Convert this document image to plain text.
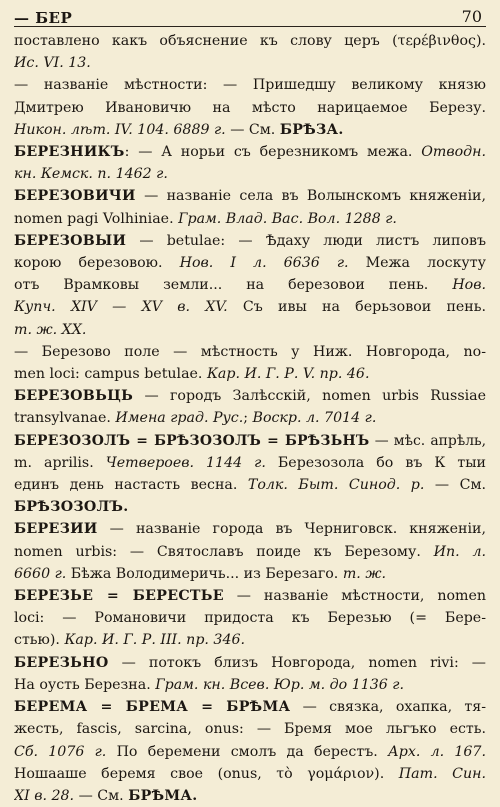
— БЕР	70
поставлено какъ объяснение къ слову церъ (τερέβινθος).
Ис. VI. 13.
— названіе мѣстности: — Пришедшу великому князю
Дмитрею Ивановичю на мѣсто нарицаемое Березу.
Никон. лѣт. IV. 104. 6889 г. — См. БРѢЗА.
БЕРЕЗНИКЪ: — А норьи съ березникомъ межа. Отводн.
кн. Кемск. п. 1462 г.
БЕРЕЗОВИЧИ — названіе села въ Волынскомъ княженіи,
nomen pagi Volhiniae. Грам. Влад. Вас. Вол. 1288 г.
БЕРЕЗОВЫИ — betulae: — Ѣдаху люди листъ липовъ
корою березовою. Нов. I л. 6636 г. Межа лоскуту
отъ Врамковы земли... на березовои пень. Нов.
Купч. XIV — XV в. XV. Съ ивы на берьзовои пень.
т. ж. XX.
— Березово поле — мѣстность у Ниж. Новгорода, no-
men loci: campus betulae. Кар. И. Г. Р. V. пр. 46.
БЕРЕЗОВЬЦЬ — городъ Залѣсскій, nomen urbis Russiae
transylvanae. Имена град. Рус.; Воскр. л. 7014 г.
БЕРЕЗОЗОЛЪ = БРѢЗОЗОЛЪ = БРѢЗЬНЪ — мѣс. апрѣль,
m. aprilis. Четвероев. 1144 г. Березозола бо въ К тыи
единъ день настасть весна. Толк. Быт. Синод. р. — См.
БРѢЗОЗОЛЪ.
БЕРЕЗИИ — названіе города въ Черниговск. княженіи,
nomen urbis: — Святославъ поиде къ Березому. Ип. л.
6660 г. Бѣжа Володимеричь... из Березаго. т. ж.
БЕРЕЗЬЕ = БЕРЕСТЬЕ — названіе мѣстности, nomen
loci: — Романовичи придоста къ Березью (= Бере-
стью). Кар. И. Г. Р. III. пр. 346.
БЕРЕЗЬНО — потокъ близъ Новгорода, nomen rivi: —
На оусть Березна. Грам. кн. Всев. Юр. м. до 1136 г.
БЕРЕМА = БРЕМА = БРѢМА — связка, охапка, тя-
жесть, fascis, sarcina, onus: — Бремя мое льгъко есть.
Сб. 1076 г. По беремени смолъ да берестъ. Арх. л. 167.
Ношааше беремя свое (onus, τὸ γομάριον). Пат. Син.
XI в. 28. — См. БРѢМА.
